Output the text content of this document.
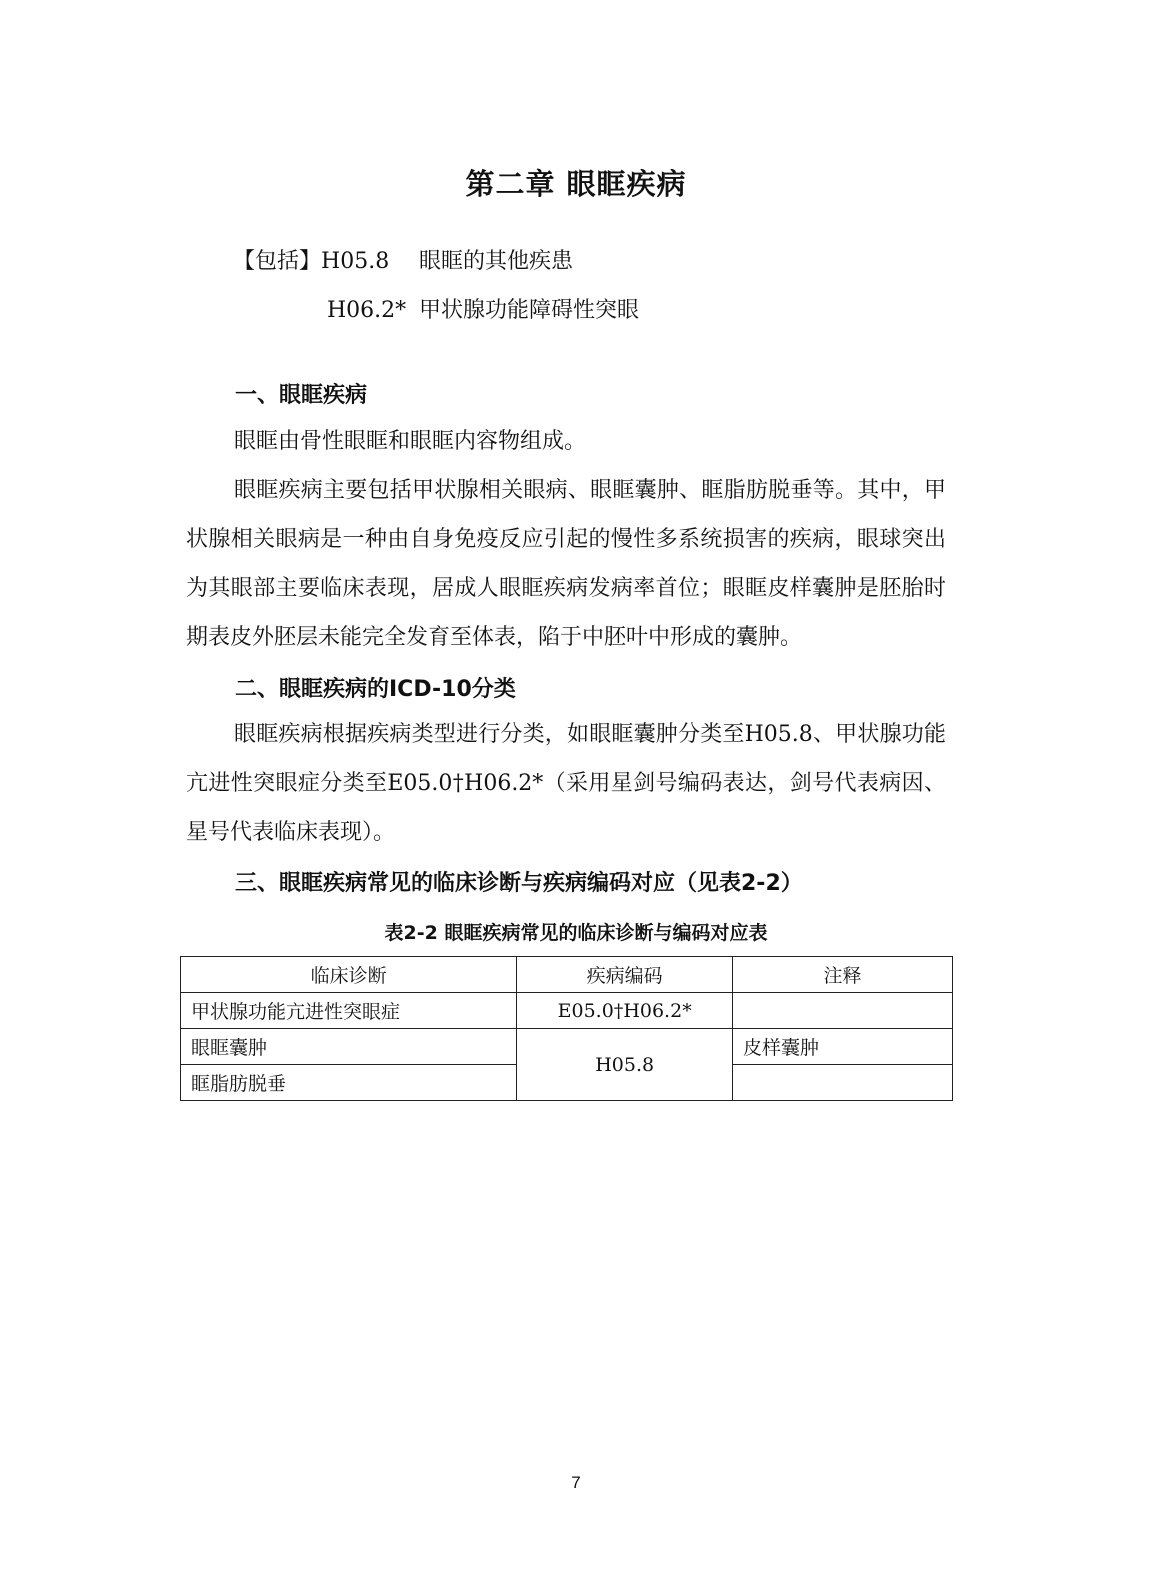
第二章 眼眶疾病
【包括】H05.8 眼眶的其他疾患
H06.2* 甲状腺功能障碍性突眼
一、眼眶疾病

眼眶由骨性眼眶和眼眶内容物组成。

眼眶疾病主要包括甲状腺相关眼病、眼眶囊肿、眶脂肪脱垂等。其中，甲状腺相关眼病是一种由自身免疫反应引起的慢性多系统损害的疾病，眼球突出为其眼部主要临床表现，居成人眼眶疾病发病率首位；眼眶皮样囊肿是胚胎时期表皮外胚层未能完全发育至体表，陷于中胚叶中形成的囊肿。

二、眼眶疾病的ICD-10分类

眼眶疾病根据疾病类型进行分类，如眼眶囊肿分类至H05.8、甲状腺功能亢进性突眼症分类至E05.0†H06.2*（采用星剑号编码表达，剑号代表病因、星号代表临床表现）。

三、眼眶疾病常见的临床诊断与疾病编码对应（见表2-2）
表2-2 眼眶疾病常见的临床诊断与编码对应表
临床诊断	疾病编码	注释
甲状腺功能亢进性突眼症	E05.0†H06.2*	
眼眶囊肿	H05.8	皮样囊肿
眶脂肪脱垂		
7
